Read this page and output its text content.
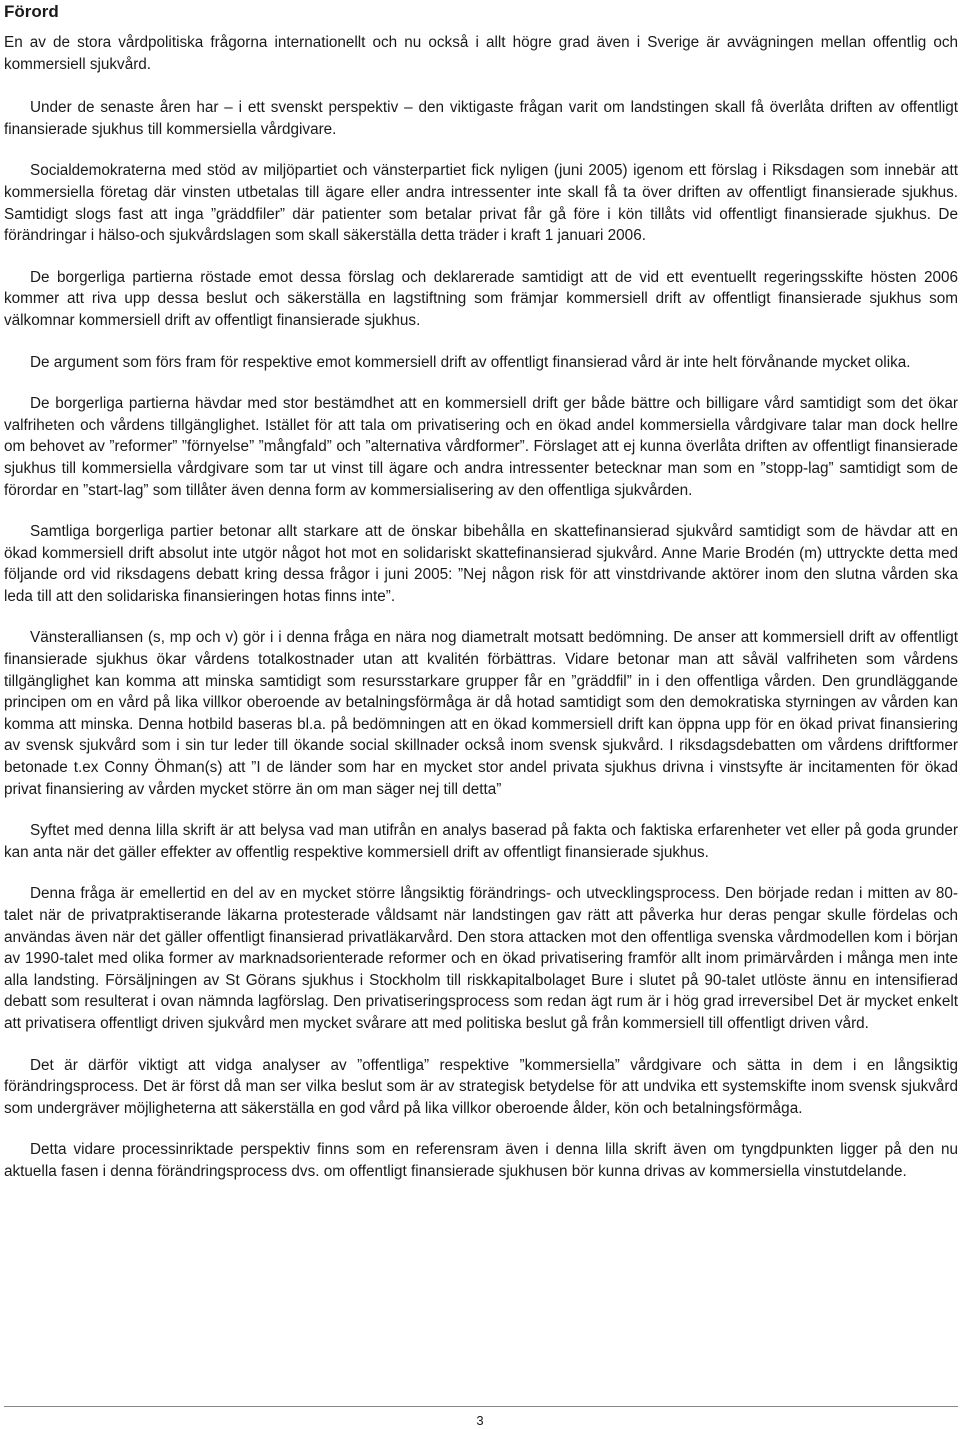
Förord

En av de stora vårdpolitiska frågorna internationellt och nu också i allt högre grad även i Sverige är avvägningen mellan offentlig och kommersiell sjukvård.

Under de senaste åren har – i ett svenskt perspektiv – den viktigaste frågan varit om landstingen skall få överlåta driften av offentligt finansierade sjukhus till kommersiella vårdgivare.

Socialdemokraterna med stöd av miljöpartiet och vänsterpartiet fick nyligen (juni 2005) igenom ett förslag i Riksdagen som innebär att kommersiella företag där vinsten utbetalas till ägare eller andra intressenter inte skall få ta över driften av offentligt finansierade sjukhus. Samtidigt slogs fast att inga ”gräddfiler” där patienter som betalar privat får gå före i kön tillåts vid offentligt finansierade sjukhus. De förändringar i hälso-och sjukvårdslagen som skall säkerställa detta träder i kraft 1 januari 2006.

De borgerliga partierna röstade emot dessa förslag och deklarerade samtidigt att de vid ett eventuellt regeringsskifte hösten 2006 kommer att riva upp dessa beslut och säkerställa en lagstiftning som främjar kommersiell drift av offentligt finansierade sjukhus som välkomnar kommersiell drift av offentligt finansierade sjukhus.

De argument som förs fram för respektive emot kommersiell drift av offentligt finansierad vård är inte helt förvånande mycket olika.

De borgerliga partierna hävdar med stor bestämdhet att en kommersiell drift ger både bättre och billigare vård samtidigt som det ökar valfriheten och vårdens tillgänglighet. Istället för att tala om privatisering och en ökad andel kommersiella vårdgivare talar man dock hellre om behovet av ”reformer” ”förnyelse” ”mångfald” och ”alternativa vårdformer”. Förslaget att ej kunna överlåta driften av offentligt finansierade sjukhus till kommersiella vårdgivare som tar ut vinst till ägare och andra intressenter betecknar man som en ”stopp-lag” samtidigt som de förordar en ”start-lag” som tillåter även denna form av kommersialisering av den offentliga sjukvården.

Samtliga borgerliga partier betonar allt starkare att de önskar bibehålla en skattefinansierad sjukvård samtidigt som de hävdar att en ökad kommersiell drift absolut inte utgör något hot mot en solidariskt skattefinansierad sjukvård. Anne Marie Brodén (m) uttryckte detta med följande ord vid riksdagens debatt kring dessa frågor i juni 2005: ”Nej någon risk för att vinstdrivande aktörer inom den slutna vården ska leda till att den solidariska finansieringen hotas finns inte”.

Vänsteralliansen (s, mp och v) gör i i denna fråga en nära nog diametralt motsatt bedömning. De anser att kommersiell drift av offentligt finansierade sjukhus ökar vårdens totalkostnader utan att kvalitén förbättras. Vidare betonar man att såväl valfriheten som vårdens tillgänglighet kan komma att minska samtidigt som resursstarkare grupper får en ”gräddfil” in i den offentliga vården. Den grundläggande principen om en vård på lika villkor oberoende av betalningsförmåga är då hotad samtidigt som den demokratiska styrningen av vården kan komma att minska. Denna hotbild baseras bl.a. på bedömningen att en ökad kommersiell drift kan öppna upp för en ökad privat finansiering av svensk sjukvård som i sin tur leder till ökande social skillnader också inom svensk sjukvård. I riksdagsdebatten om vårdens driftformer betonade t.ex Conny Öhman(s) att ”I de länder som har en mycket stor andel privata sjukhus drivna i vinstsyfte är incitamenten för ökad privat finansiering av vården mycket större än om man säger nej till detta”

Syftet med denna lilla skrift är att belysa vad man utifrån en analys baserad på fakta och faktiska erfarenheter vet eller på goda grunder kan anta när det gäller effekter av offentlig respektive kommersiell drift av offentligt finansierade sjukhus.

Denna fråga är emellertid en del av en mycket större långsiktig förändrings- och utvecklingsprocess. Den började redan i mitten av 80-talet när de privatpraktiserande läkarna protesterade våldsamt när landstingen gav rätt att påverka hur deras pengar skulle fördelas och användas även när det gäller offentligt finansierad privatläkarvård. Den stora attacken mot den offentliga svenska vårdmodellen kom i början av 1990-talet med olika former av marknadsorienterade reformer och en ökad privatisering framför allt inom primärvården i många men inte alla landsting. Försäljningen av St Görans sjukhus i Stockholm till riskkapitalbolaget Bure i slutet på 90-talet utlöste ännu en intensifierad debatt som resulterat i ovan nämnda lagförslag. Den privatiseringsprocess som redan ägt rum är i hög grad irreversibel Det är mycket enkelt att privatisera offentligt driven sjukvård men mycket svårare att med politiska beslut gå från kommersiell till offentligt driven vård.

Det är därför viktigt att vidga analyser av ”offentliga” respektive ”kommersiella” vårdgivare och sätta in dem i en långsiktig förändringsprocess. Det är först då man ser vilka beslut som är av strategisk betydelse för att undvika ett systemskifte inom svensk sjukvård som undergräver möjligheterna att säkerställa en god vård på lika villkor oberoende ålder, kön och betalningsförmåga.

Detta vidare processinriktade perspektiv finns som en referensram även i denna lilla skrift även om tyngdpunkten ligger på den nu aktuella fasen i denna förändringsprocess dvs. om offentligt finansierade sjukhusen bör kunna drivas av kommersiella vinstutdelande.

3
